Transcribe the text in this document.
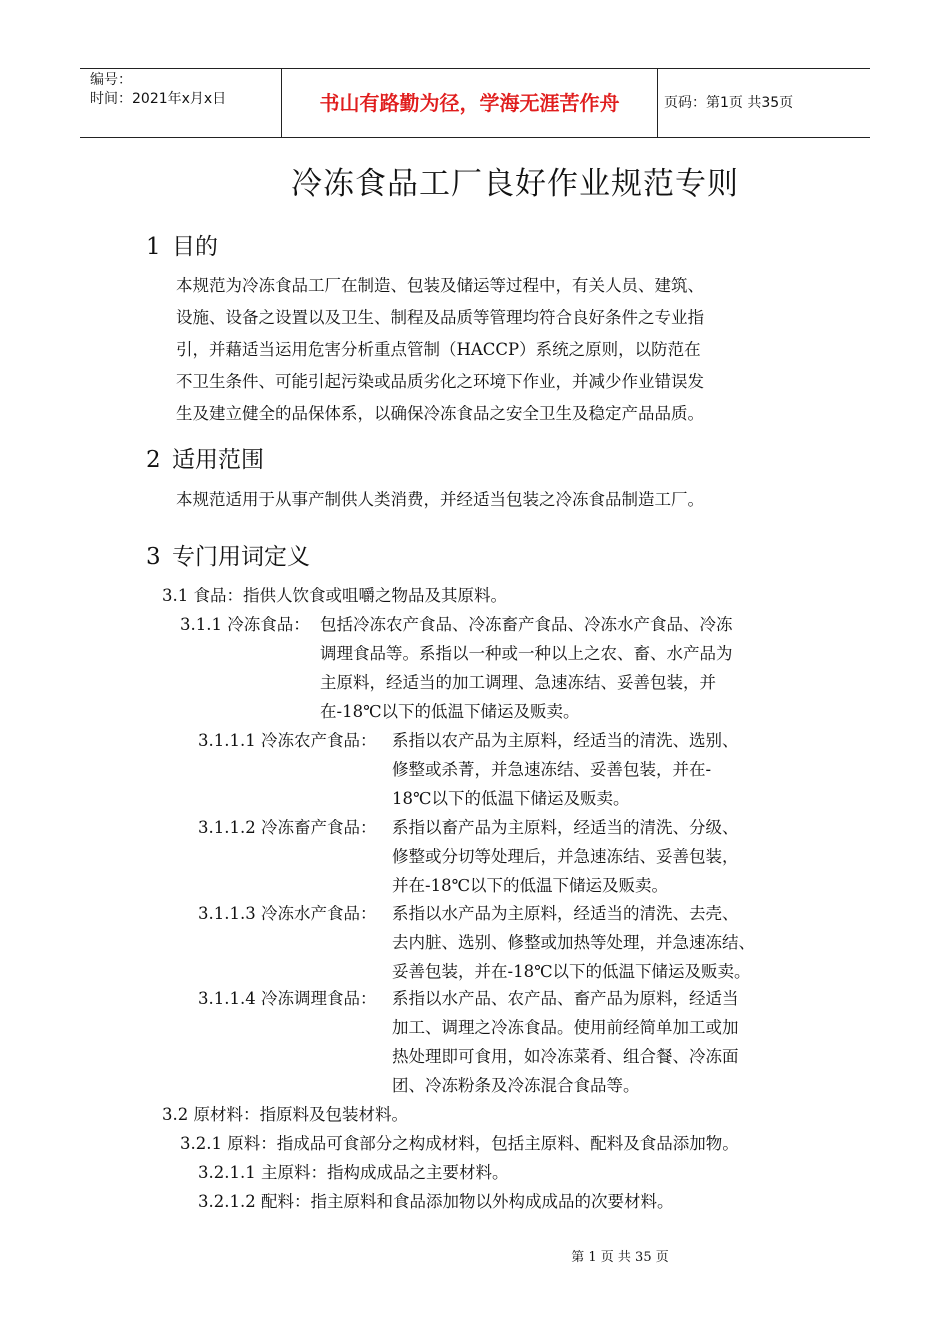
编号：
时间：2021年x月x日	书山有路勤为径，学海无涯苦作舟	页码：第1页 共35页
冷冻食品工厂良好作业规范专则
1 目的
本规范为冷冻食品工厂在制造、包装及储运等过程中，有关人员、建筑、
设施、设备之设置以及卫生、制程及品质等管理均符合良好条件之专业指
引，并藉适当运用危害分析重点管制（HACCP）系统之原则，以防范在
不卫生条件、可能引起污染或品质劣化之环境下作业，并减少作业错误发
生及建立健全的品保体系，以确保冷冻食品之安全卫生及稳定产品品质。
2 适用范围
本规范适用于从事产制供人类消费，并经适当包装之冷冻食品制造工厂。
3 专门用词定义
3.1 食品：指供人饮食或咀嚼之物品及其原料。
3.1.1 冷冻食品： 包括冷冻农产食品、冷冻畜产食品、冷冻水产食品、冷冻
调理食品等。系指以一种或一种以上之农、畜、水产品为
主原料，经适当的加工调理、急速冻结、妥善包装，并
在-18℃以下的低温下储运及贩卖。
3.1.1.1 冷冻农产食品： 系指以农产品为主原料，经适当的清洗、选别、
修整或杀菁，并急速冻结、妥善包装，并在-
18℃以下的低温下储运及贩卖。
3.1.1.2 冷冻畜产食品： 系指以畜产品为主原料，经适当的清洗、分级、
修整或分切等处理后，并急速冻结、妥善包装，
并在-18℃以下的低温下储运及贩卖。
3.1.1.3 冷冻水产食品： 系指以水产品为主原料，经适当的清洗、去壳、
去内脏、选别、修整或加热等处理，并急速冻结、
妥善包装，并在-18℃以下的低温下储运及贩卖。
3.1.1.4 冷冻调理食品： 系指以水产品、农产品、畜产品为原料，经适当
加工、调理之冷冻食品。使用前经简单加工或加
热处理即可食用，如冷冻菜肴、组合餐、冷冻面
团、冷冻粉条及冷冻混合食品等。
3.2 原材料：指原料及包装材料。
3.2.1 原料：指成品可食部分之构成材料，包括主原料、配料及食品添加物。
3.2.1.1 主原料：指构成成品之主要材料。
3.2.1.2 配料：指主原料和食品添加物以外构成成品的次要材料。
第 1 页 共 35 页
